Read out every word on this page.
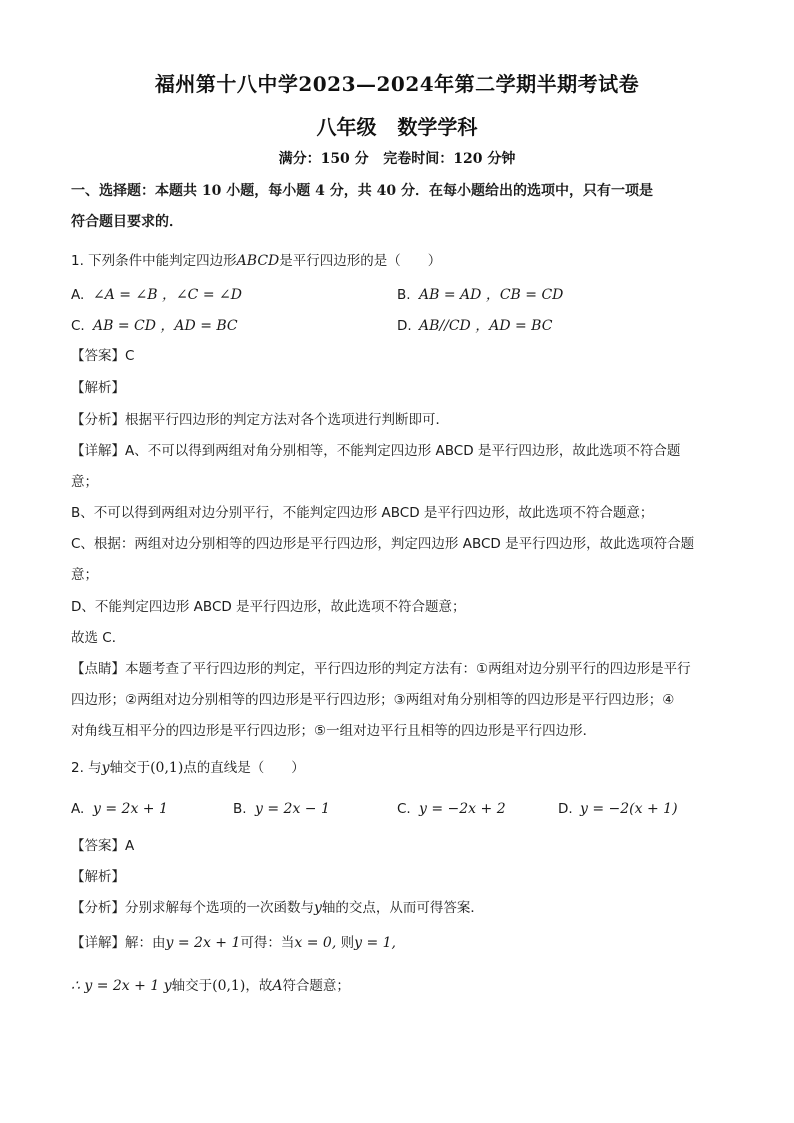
福州第十八中学2023—2024年第二学期半期考试卷
八年级   数学学科
满分：150 分   完卷时间：120 分钟
一、选择题：本题共 10 小题，每小题 4 分，共 40 分．在每小题给出的选项中，只有一项是
符合题目要求的．
1. 下列条件中能判定四边形ABCD是平行四边形的是（　　）
A. ∠A = ∠B ，∠C = ∠D	B. AB = AD ，CB = CD
C. AB = CD ，AD = BC	D. AB//CD ，AD = BC
【答案】C
【解析】
【分析】根据平行四边形的判定方法对各个选项进行判断即可．
【详解】A、不可以得到两组对角分别相等，不能判定四边形 ABCD 是平行四边形，故此选项不符合题
意；
B、不可以得到两组对边分别平行，不能判定四边形 ABCD 是平行四边形，故此选项不符合题意；
C、根据：两组对边分别相等的四边形是平行四边形，判定四边形 ABCD 是平行四边形，故此选项符合题
意；
D、不能判定四边形 ABCD 是平行四边形，故此选项不符合题意；
故选 C．
【点睛】本题考查了平行四边形的判定，平行四边形的判定方法有：①两组对边分别平行的四边形是平行
四边形；②两组对边分别相等的四边形是平行四边形；③两组对角分别相等的四边形是平行四边形；④
对角线互相平分的四边形是平行四边形；⑤一组对边平行且相等的四边形是平行四边形．
2. 与y轴交于(0,1)点的直线是（　　）
A. y = 2x + 1	B. y = 2x − 1	C. y = −2x + 2	D. y = −2(x + 1)
【答案】A
【解析】
【分析】分别求解每个选项的一次函数与y轴的交点，从而可得答案．
【详解】解：由y = 2x + 1可得：当x = 0, 则y = 1,
∴ y = 2x + 1 y轴交于(0,1)，故A符合题意；
